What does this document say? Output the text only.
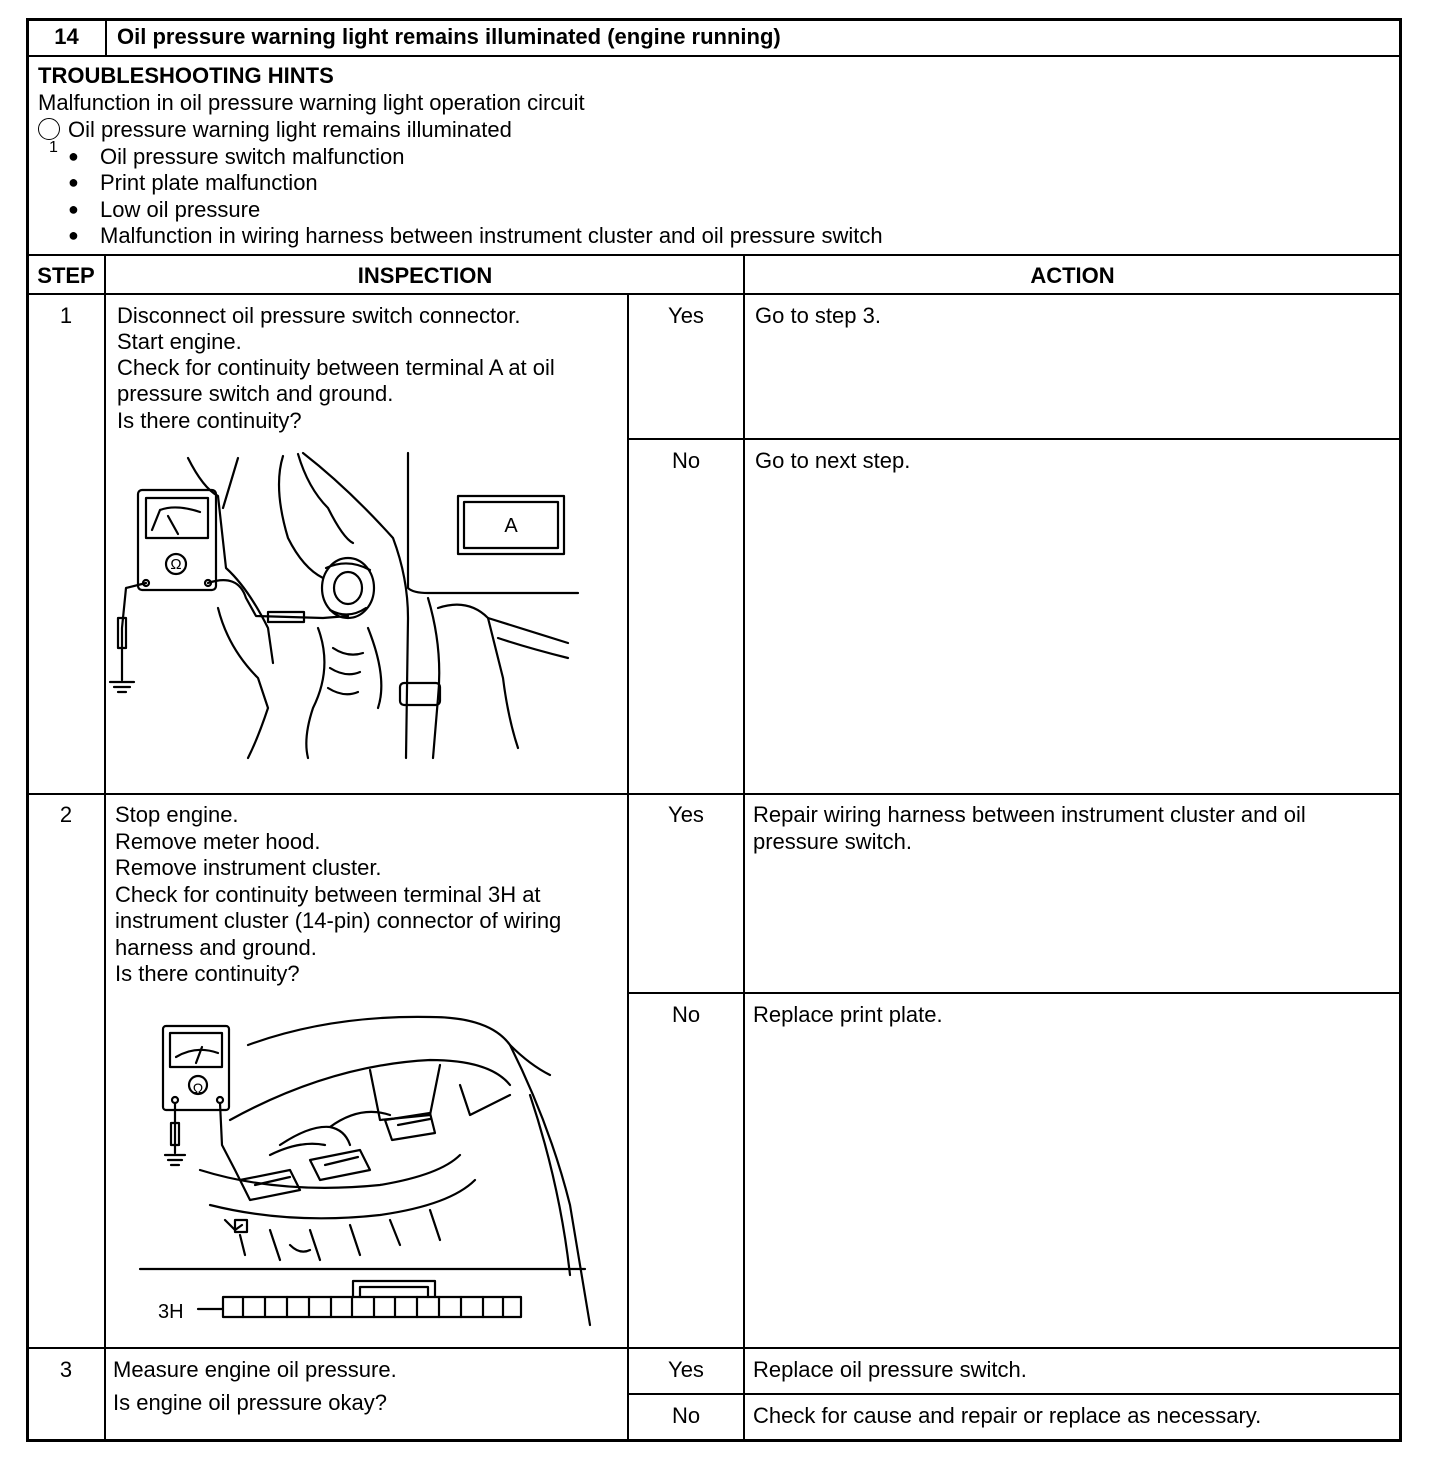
14	Oil pressure warning light remains illuminated (engine running)
TROUBLESHOOTING HINTS
Malfunction in oil pressure warning light operation circuit

1

Oil pressure warning light remains illuminated
● Oil pressure switch malfunction
● Print plate malfunction
● Low oil pressure
● Malfunction in wiring harness between instrument cluster and oil pressure switch
STEP	INSPECTION	ACTION
1	Disconnect oil pressure switch connector.
Start engine.
Check for continuity between terminal A at oil
pressure switch and ground.
Is there continuity?
Yes	Go to step 3.
No	Go to next step.
A
Ω
2	Stop engine.
Remove meter hood.
Remove instrument cluster.
Check for continuity between terminal 3H at
instrument cluster (14-pin) connector of wiring
harness and ground.
Is there continuity?
Yes	Repair wiring harness between instrument cluster and oil
pressure switch.
No	Replace print plate.
3H
Ω
3	Measure engine oil pressure.
Is engine oil pressure okay?
Yes	Replace oil pressure switch.
No	Check for cause and repair or replace as necessary.
